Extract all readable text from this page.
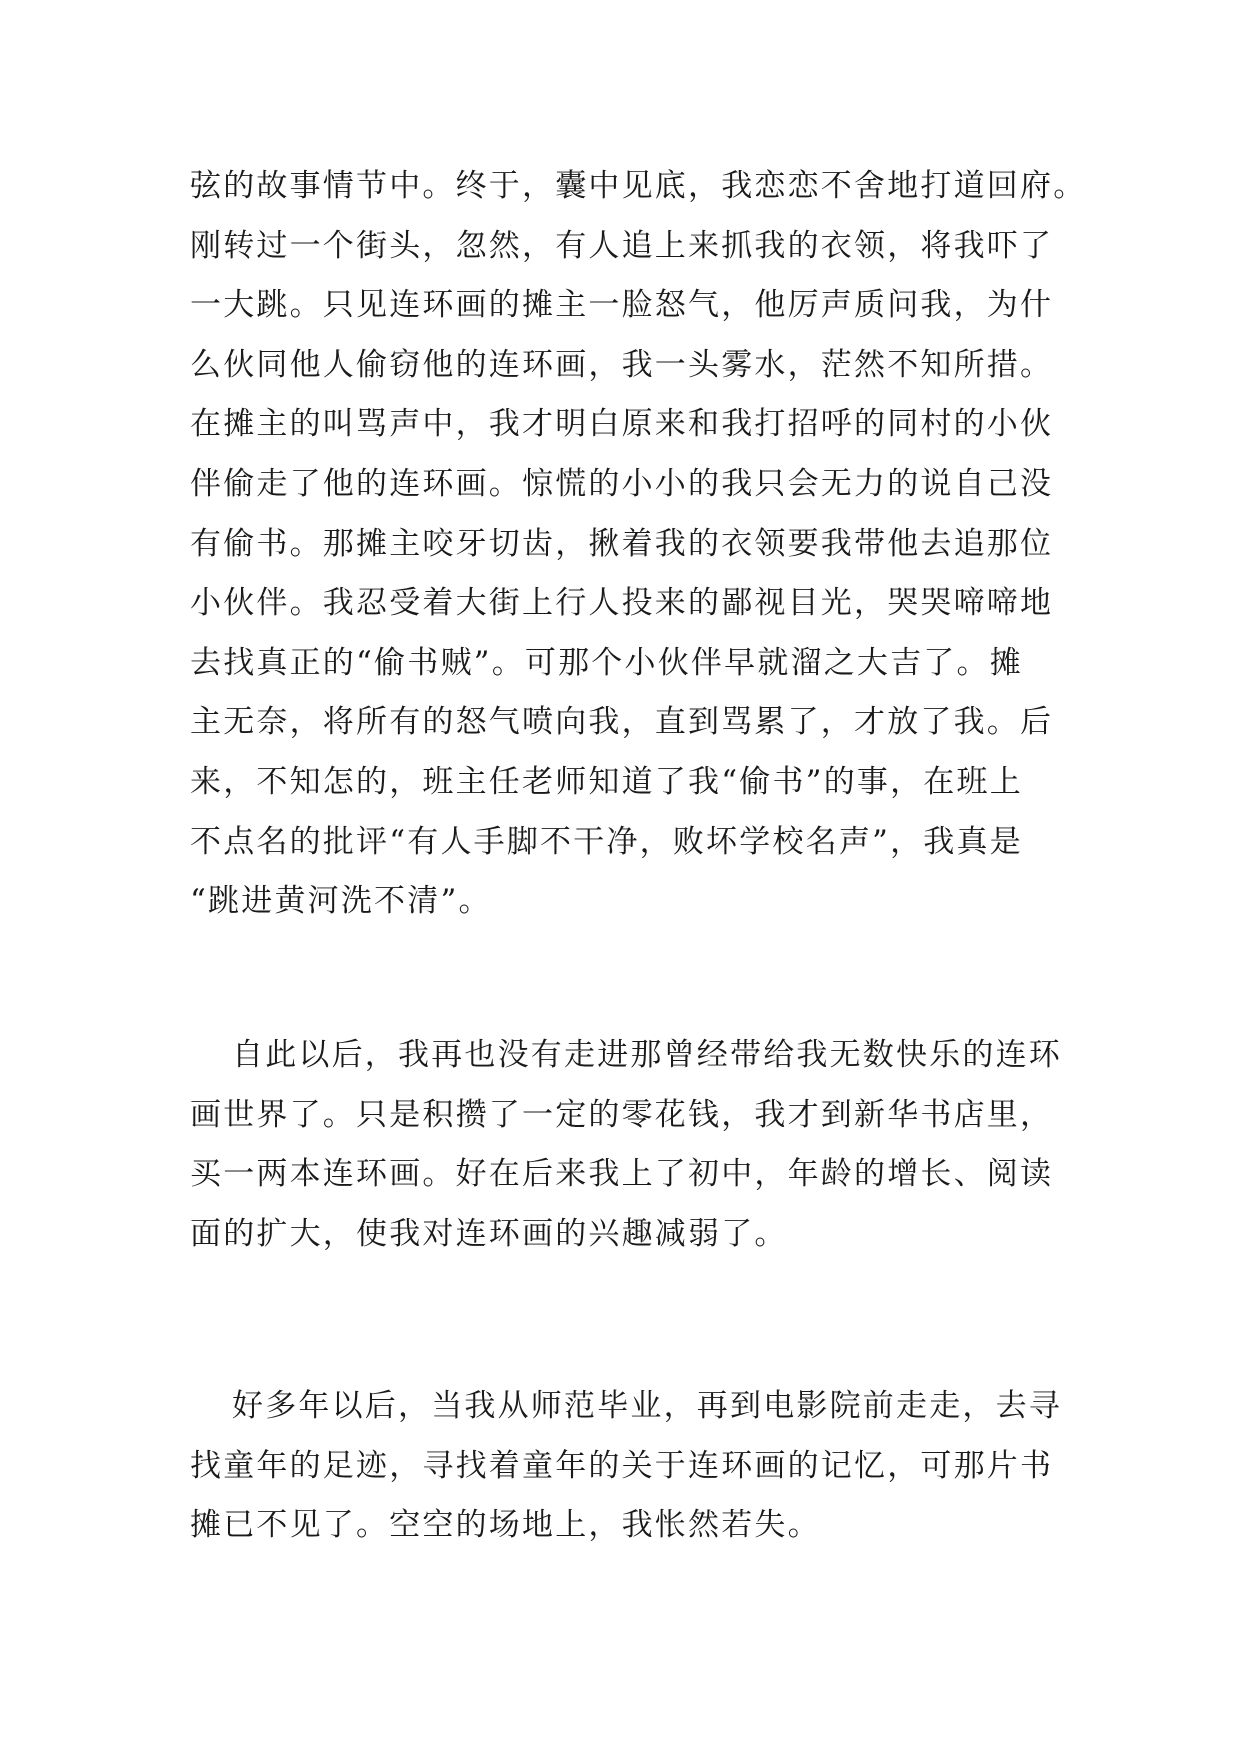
弦的故事情节中。终于，囊中见底，我恋恋不舍地打道回府。
刚转过一个街头，忽然，有人追上来抓我的衣领，将我吓了
一大跳。只见连环画的摊主一脸怒气，他厉声质问我，为什
么伙同他人偷窃他的连环画，我一头雾水，茫然不知所措。
在摊主的叫骂声中，我才明白原来和我打招呼的同村的小伙
伴偷走了他的连环画。惊慌的小小的我只会无力的说自己没
有偷书。那摊主咬牙切齿，揪着我的衣领要我带他去追那位
小伙伴。我忍受着大街上行人投来的鄙视目光，哭哭啼啼地
去找真正的“偷书贼”。可那个小伙伴早就溜之大吉了。摊
主无奈，将所有的怒气喷向我，直到骂累了，才放了我。后
来，不知怎的，班主任老师知道了我“偷书”的事，在班上
不点名的批评“有人手脚不干净，败坏学校名声”，我真是
“跳进黄河洗不清”。
自此以后，我再也没有走进那曾经带给我无数快乐的连环
画世界了。只是积攒了一定的零花钱，我才到新华书店里，
买一两本连环画。好在后来我上了初中，年龄的增长、阅读
面的扩大，使我对连环画的兴趣减弱了。
好多年以后，当我从师范毕业，再到电影院前走走，去寻
找童年的足迹，寻找着童年的关于连环画的记忆，可那片书
摊已不见了。空空的场地上，我怅然若失。
